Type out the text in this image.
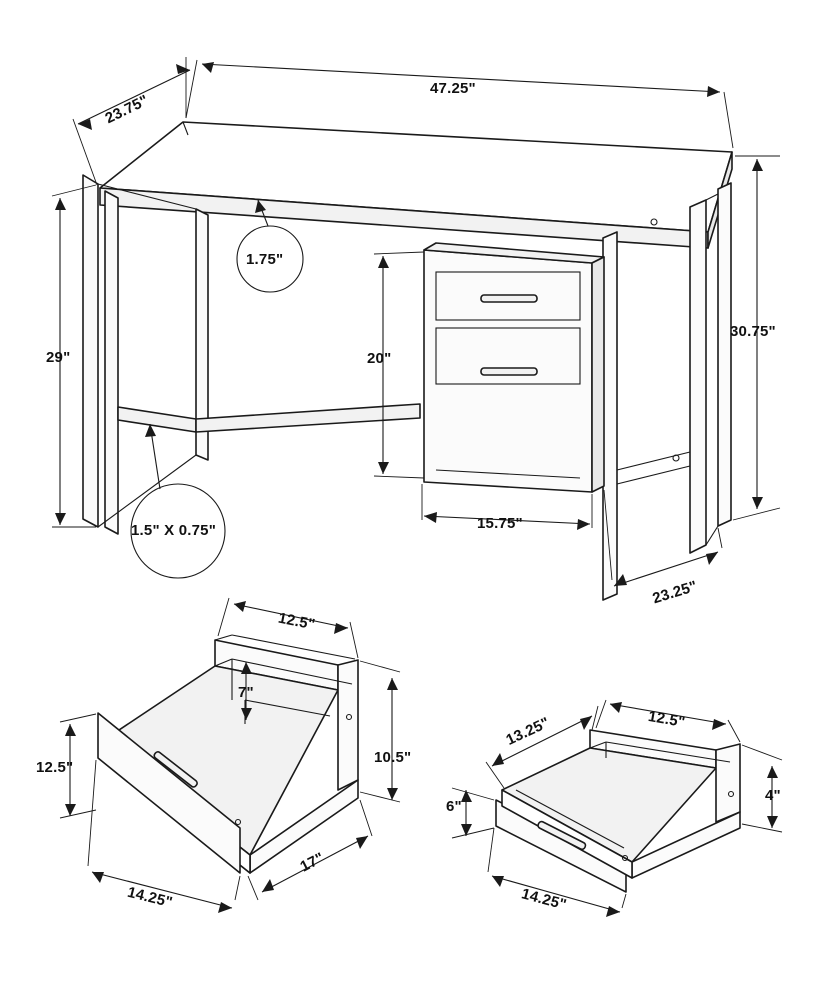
47.25"
23.75"
29"
30.75"
20"
15.75"
23.25"
1.75"
1.5" X 0.75"
12.5"
7"
10.5"
12.5"
14.25"
17"
12.5"
13.25"
4"
6"
14.25"
